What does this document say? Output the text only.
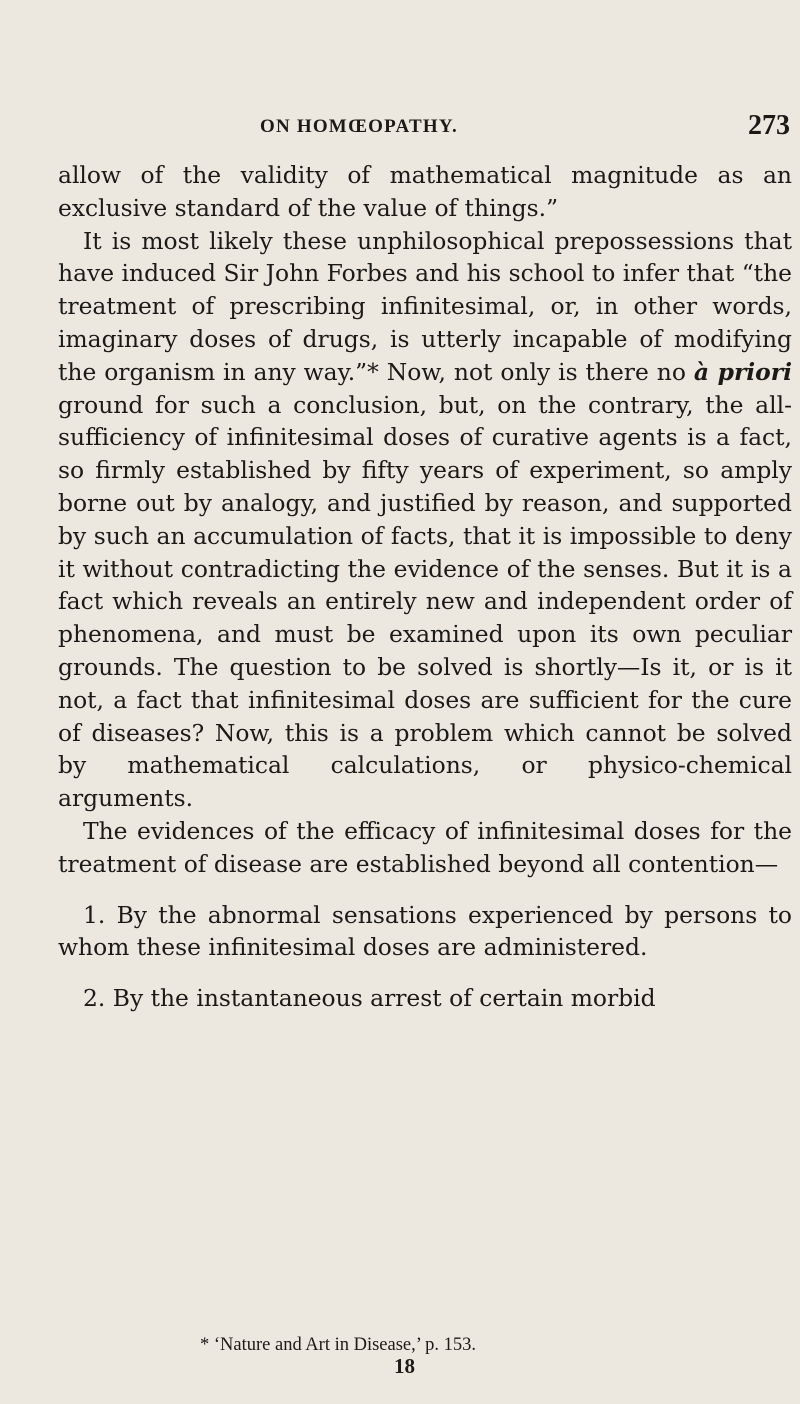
ON HOMŒOPATHY.	273

allow of the validity of mathematical magnitude as an exclusive standard of the value of things.”

It is most likely these unphilosophical prepossessions that have induced Sir John Forbes and his school to infer that “the treatment of prescribing infinitesimal, or, in other words, imaginary doses of drugs, is utterly incapable of modifying the organism in any way.”* Now, not only is there no à priori ground for such a conclusion, but, on the contrary, the all-sufficiency of infinitesimal doses of curative agents is a fact, so firmly established by fifty years of experiment, so amply borne out by analogy, and justified by reason, and supported by such an accumulation of facts, that it is impossible to deny it without contradicting the evidence of the senses. But it is a fact which reveals an entirely new and independent order of phenomena, and must be examined upon its own peculiar grounds. The question to be solved is shortly—Is it, or is it not, a fact that infinitesimal doses are sufficient for the cure of diseases? Now, this is a problem which cannot be solved by mathematical calculations, or physico-chemical arguments.

The evidences of the efficacy of infinitesimal doses for the treatment of disease are established beyond all contention—

1. By the abnormal sensations experienced by persons to whom these infinitesimal doses are administered.

2. By the instantaneous arrest of certain morbid

* ‘Nature and Art in Disease,’ p. 153.
18
